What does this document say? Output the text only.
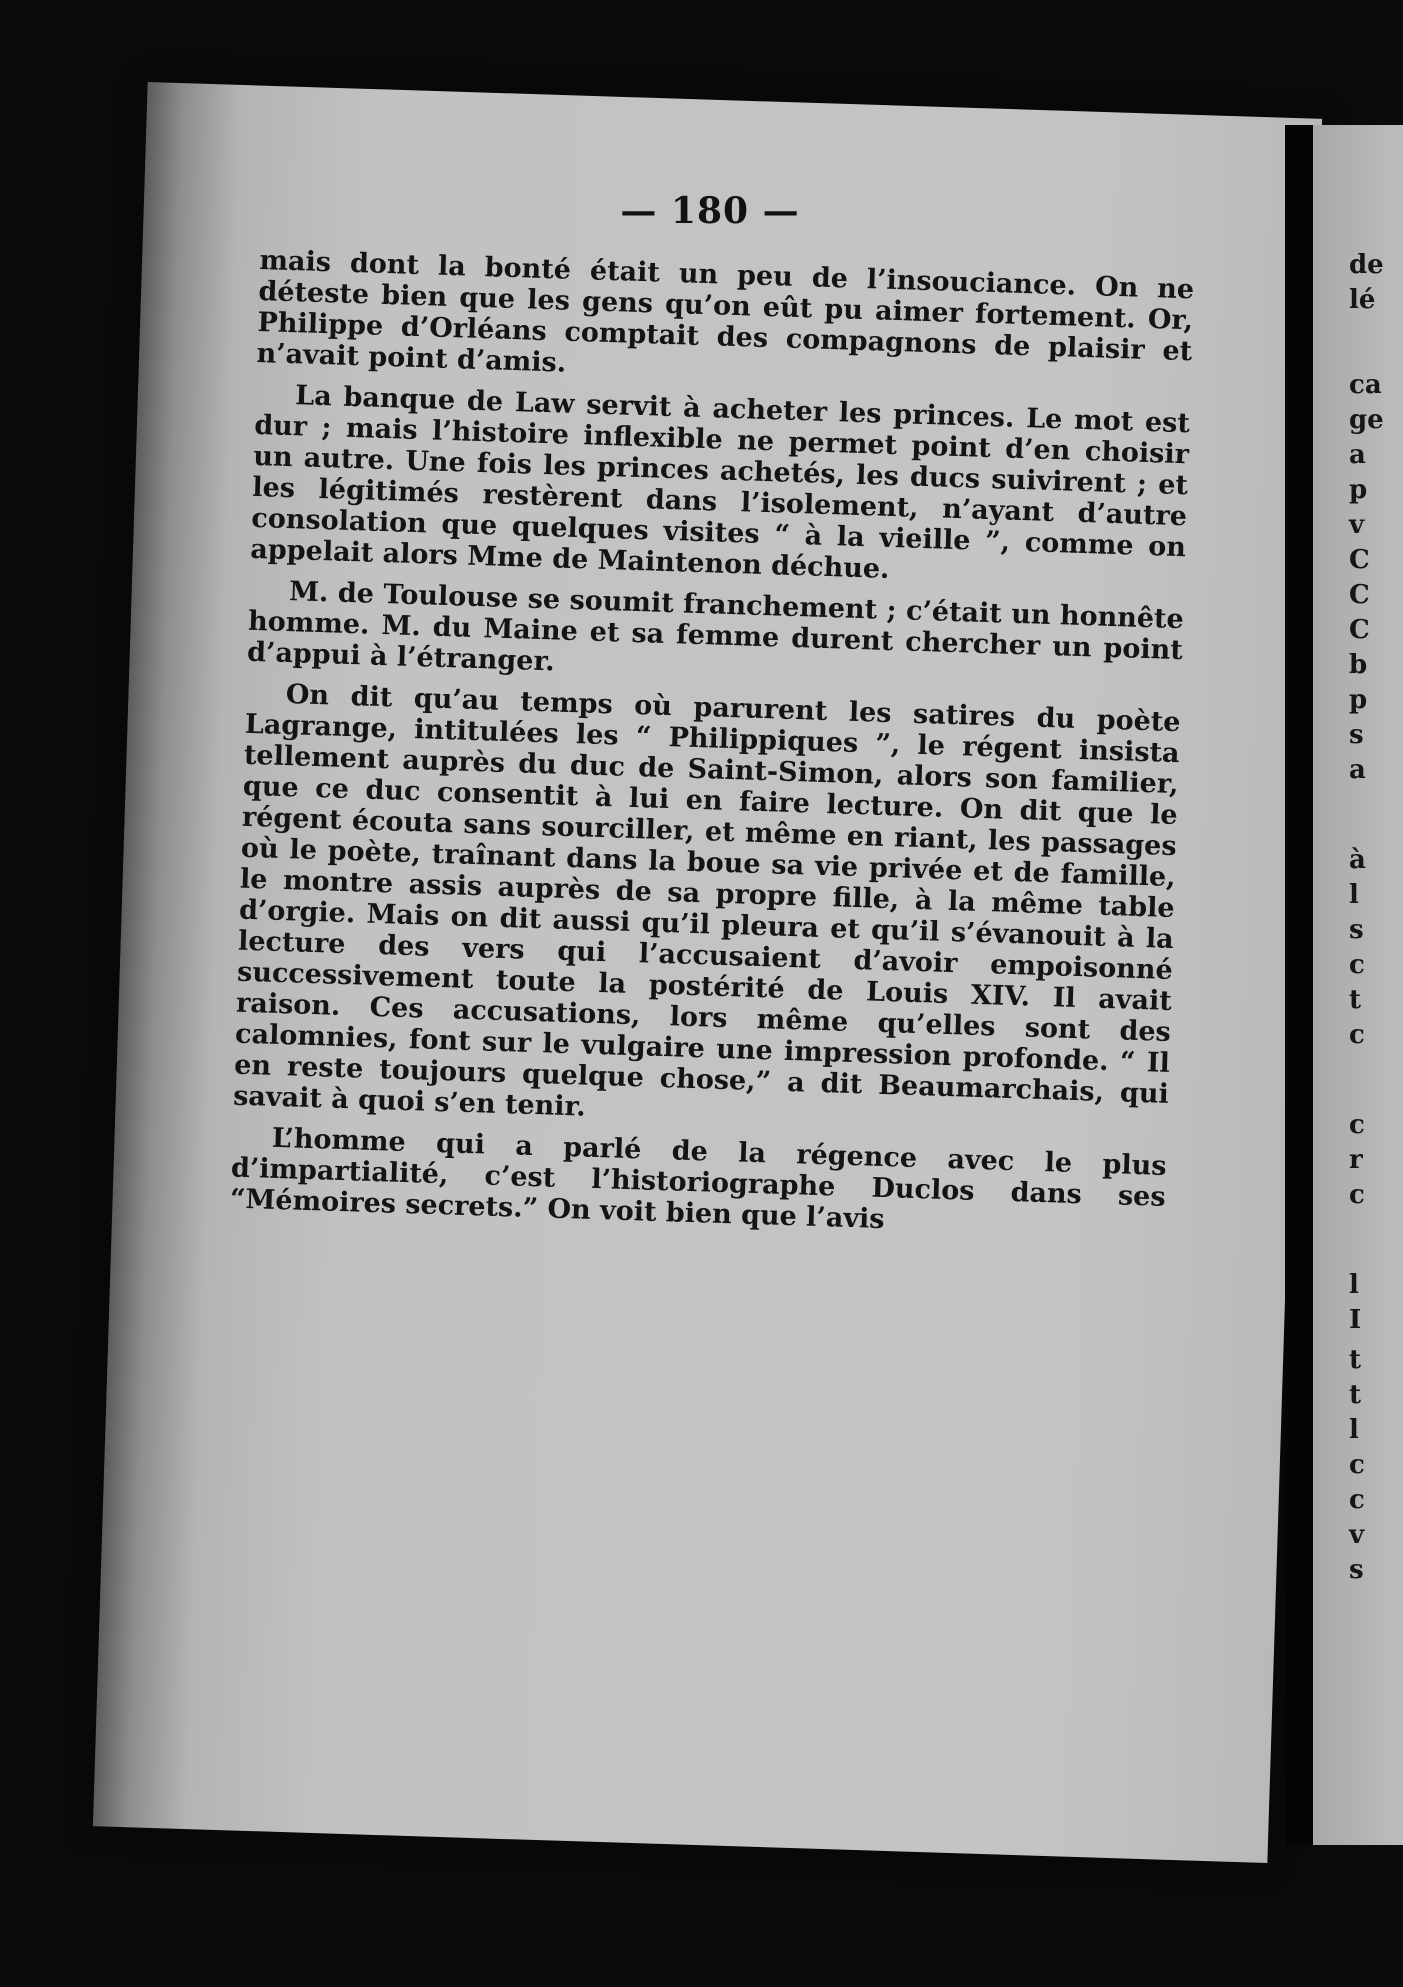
de
lé
ca
ge
a
p
v
C
C
C
b
p
s
a
à
l
s
c
t
c
c
r
c
l
I
t
t
l
c
c
v
s
— 180 —

mais dont la bonté était un peu de l’insouciance. On ne déteste bien que les gens qu’on eût pu aimer fortement. Or, Philippe d’Orléans comptait des compagnons de plaisir et n’avait point d’amis.

La banque de Law servit à acheter les princes. Le mot est dur ; mais l’histoire inflexible ne permet point d’en choisir un autre. Une fois les princes achetés, les ducs suivirent ; et les légitimés restèrent dans l’isolement, n’ayant d’autre consolation que quelques visites “ à la vieille ”, comme on appelait alors Mme de Maintenon déchue.

M. de Toulouse se soumit franchement ; c’était un honnête homme. M. du Maine et sa femme durent chercher un point d’appui à l’étranger.

On dit qu’au temps où parurent les satires du poète Lagrange, intitulées les “ Philippiques ”, le régent insista tellement auprès du duc de Saint-Simon, alors son familier, que ce duc consentit à lui en faire lecture. On dit que le régent écouta sans sourciller, et même en riant, les passages où le poète, traînant dans la boue sa vie privée et de famille, le montre assis auprès de sa propre fille, à la même table d’orgie. Mais on dit aussi qu’il pleura et qu’il s’évanouit à la lecture des vers qui l’accusaient d’avoir empoisonné successivement toute la postérité de Louis XIV. Il avait raison. Ces accusations, lors même qu’elles sont des calomnies, font sur le vulgaire une impression profonde. “ Il en reste toujours quelque chose,” a dit Beaumarchais, qui savait à quoi s’en tenir.

L’homme qui a parlé de la régence avec le plus d’impartialité, c’est l’historiographe Duclos dans ses “Mémoires secrets.” On voit bien que l’avis
